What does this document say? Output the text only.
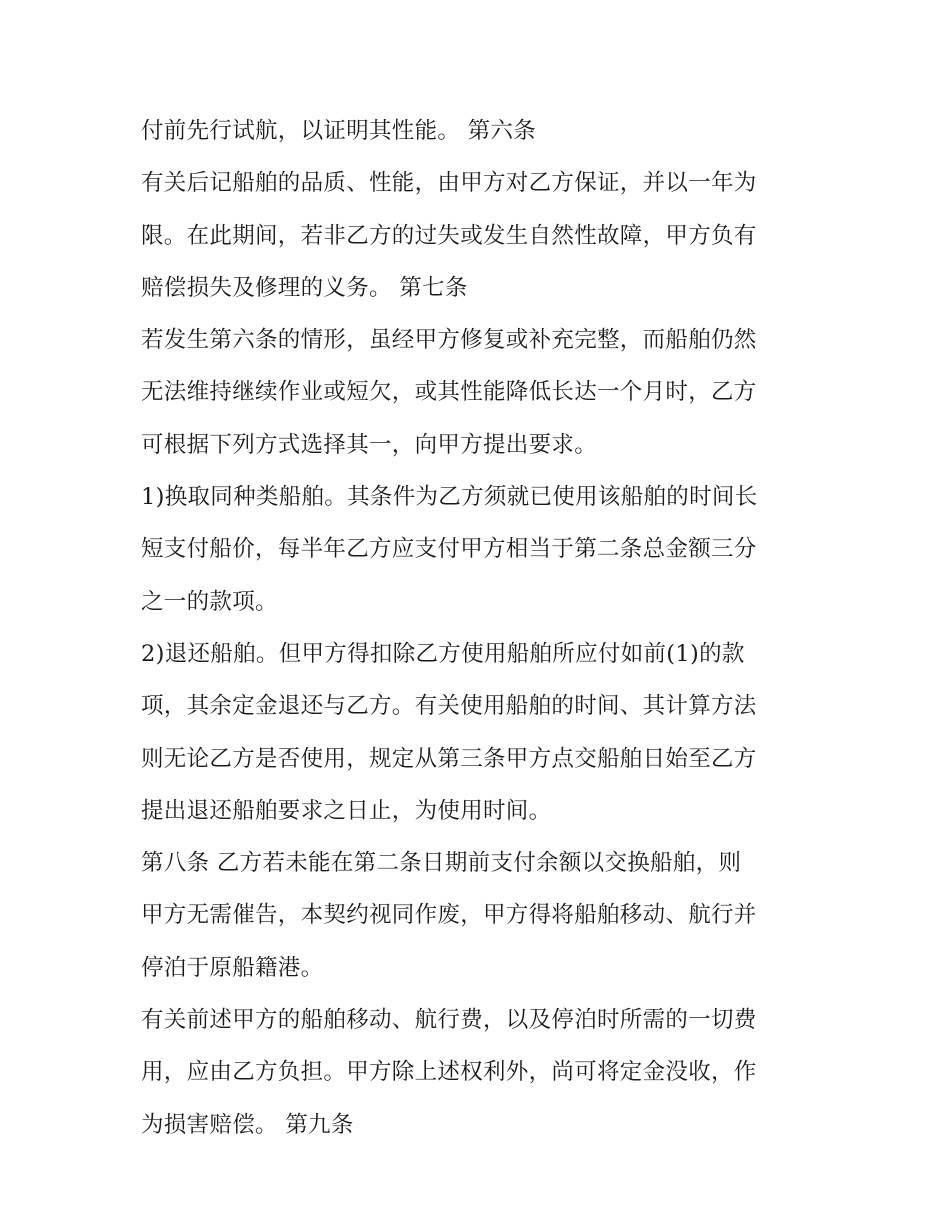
付前先行试航，以证明其性能。 第六条
有关后记船舶的品质、性能，由甲方对乙方保证，并以一年为
限。在此期间，若非乙方的过失或发生自然性故障，甲方负有
赔偿损失及修理的义务。 第七条
若发生第六条的情形，虽经甲方修复或补充完整，而船舶仍然
无法维持继续作业或短欠，或其性能降低长达一个月时，乙方
可根据下列方式选择其一，向甲方提出要求。
1)换取同种类船舶。其条件为乙方须就已使用该船舶的时间长
短支付船价，每半年乙方应支付甲方相当于第二条总金额三分
之一的款项。
2)退还船舶。但甲方得扣除乙方使用船舶所应付如前(1)的款
项，其余定金退还与乙方。有关使用船舶的时间、其计算方法
则无论乙方是否使用，规定从第三条甲方点交船舶日始至乙方
提出退还船舶要求之日止，为使用时间。
第八条 乙方若未能在第二条日期前支付余额以交换船舶，则
甲方无需催告，本契约视同作废，甲方得将船舶移动、航行并
停泊于原船籍港。
有关前述甲方的船舶移动、航行费，以及停泊时所需的一切费
用，应由乙方负担。甲方除上述权利外，尚可将定金没收，作
为损害赔偿。 第九条
